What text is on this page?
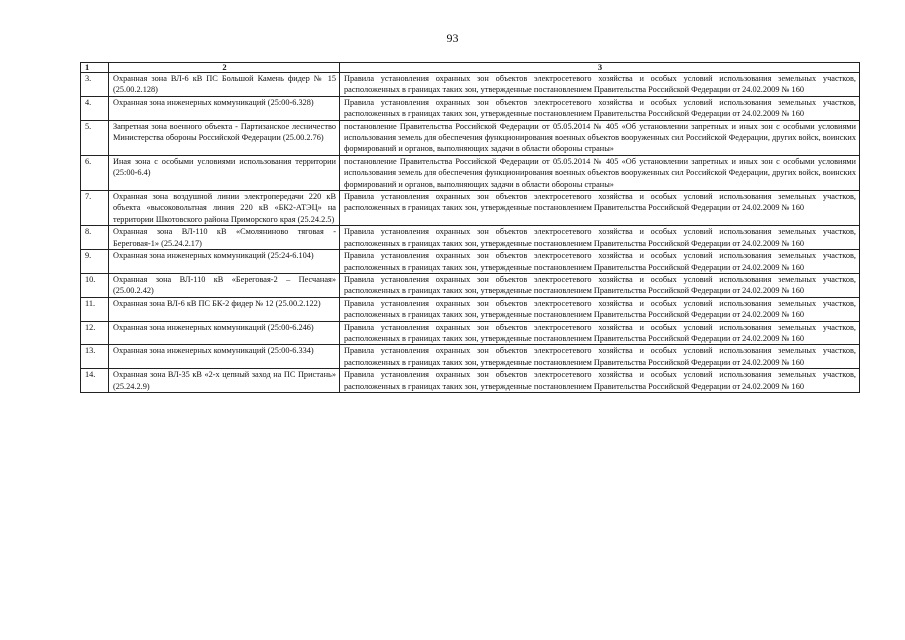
93
1	2	3
3.	Охранная зона ВЛ-6 кВ ПС Большой Камень фидер № 15 (25.00.2.128)	Правила установления охранных зон объектов электросетевого хозяйства и особых условий использования земельных участков, расположенных в границах таких зон, утвержденные постановлением Правительства Российской Федерации от 24.02.2009 № 160
4.	Охранная зона инженерных коммуникаций (25:00-6.328)	Правила установления охранных зон объектов электросетевого хозяйства и особых условий использования земельных участков, расположенных в границах таких зон, утвержденные постановлением Правительства Российской Федерации от 24.02.2009 № 160
5.	Запретная зона военного объекта - Партизанское лесничество Министерства обороны Российской Федерации (25.00.2.76)	постановление Правительства Российской Федерации от 05.05.2014 № 405 «Об установлении запретных и иных зон с особыми условиями использования земель для обеспечения функционирования военных объектов вооруженных сил Российской Федерации, других войск, воинских формирований и органов, выполняющих задачи в области обороны страны»
6.	Иная зона с особыми условиями использования территории (25:00-6.4)	постановление Правительства Российской Федерации от 05.05.2014 № 405 «Об установлении запретных и иных зон с особыми условиями использования земель для обеспечения функционирования военных объектов вооруженных сил Российской Федерации, других войск, воинских формирований и органов, выполняющих задачи в области обороны страны»
7.	Охранная зона воздушной линии электропередачи 220 кВ объекта «высоковольтная линия 220 кВ «БК2-АТЭЦ» на территории Шкотовского района Приморского края (25.24.2.5)	Правила установления охранных зон объектов электросетевого хозяйства и особых условий использования земельных участков, расположенных в границах таких зон, утвержденные постановлением Правительства Российской Федерации от 24.02.2009 № 160
8.	Охранная зона ВЛ-110 кВ «Смоляниново тяговая - Береговая-1» (25.24.2.17)	Правила установления охранных зон объектов электросетевого хозяйства и особых условий использования земельных участков, расположенных в границах таких зон, утвержденные постановлением Правительства Российской Федерации от 24.02.2009 № 160
9.	Охранная зона инженерных коммуникаций (25:24-6.104)	Правила установления охранных зон объектов электросетевого хозяйства и особых условий использования земельных участков, расположенных в границах таких зон, утвержденные постановлением Правительства Российской Федерации от 24.02.2009 № 160
10.	Охранная зона ВЛ-110 кВ «Береговая-2 – Песчаная» (25.00.2.42)	Правила установления охранных зон объектов электросетевого хозяйства и особых условий использования земельных участков, расположенных в границах таких зон, утвержденные постановлением Правительства Российской Федерации от 24.02.2009 № 160
11.	Охранная зона ВЛ-6 кВ ПС БК-2 фидер № 12 (25.00.2.122)	Правила установления охранных зон объектов электросетевого хозяйства и особых условий использования земельных участков, расположенных в границах таких зон, утвержденные постановлением Правительства Российской Федерации от 24.02.2009 № 160
12.	Охранная зона инженерных коммуникаций (25:00-6.246)	Правила установления охранных зон объектов электросетевого хозяйства и особых условий использования земельных участков, расположенных в границах таких зон, утвержденные постановлением Правительства Российской Федерации от 24.02.2009 № 160
13.	Охранная зона инженерных коммуникаций (25:00-6.334)	Правила установления охранных зон объектов электросетевого хозяйства и особых условий использования земельных участков, расположенных в границах таких зон, утвержденные постановлением Правительства Российской Федерации от 24.02.2009 № 160
14.	Охранная зона ВЛ-35 кВ «2-х цепный заход на ПС Пристань» (25.24.2.9)	Правила установления охранных зон объектов электросетевого хозяйства и особых условий использования земельных участков, расположенных в границах таких зон, утвержденные постановлением Правительства Российской Федерации от 24.02.2009 № 160
